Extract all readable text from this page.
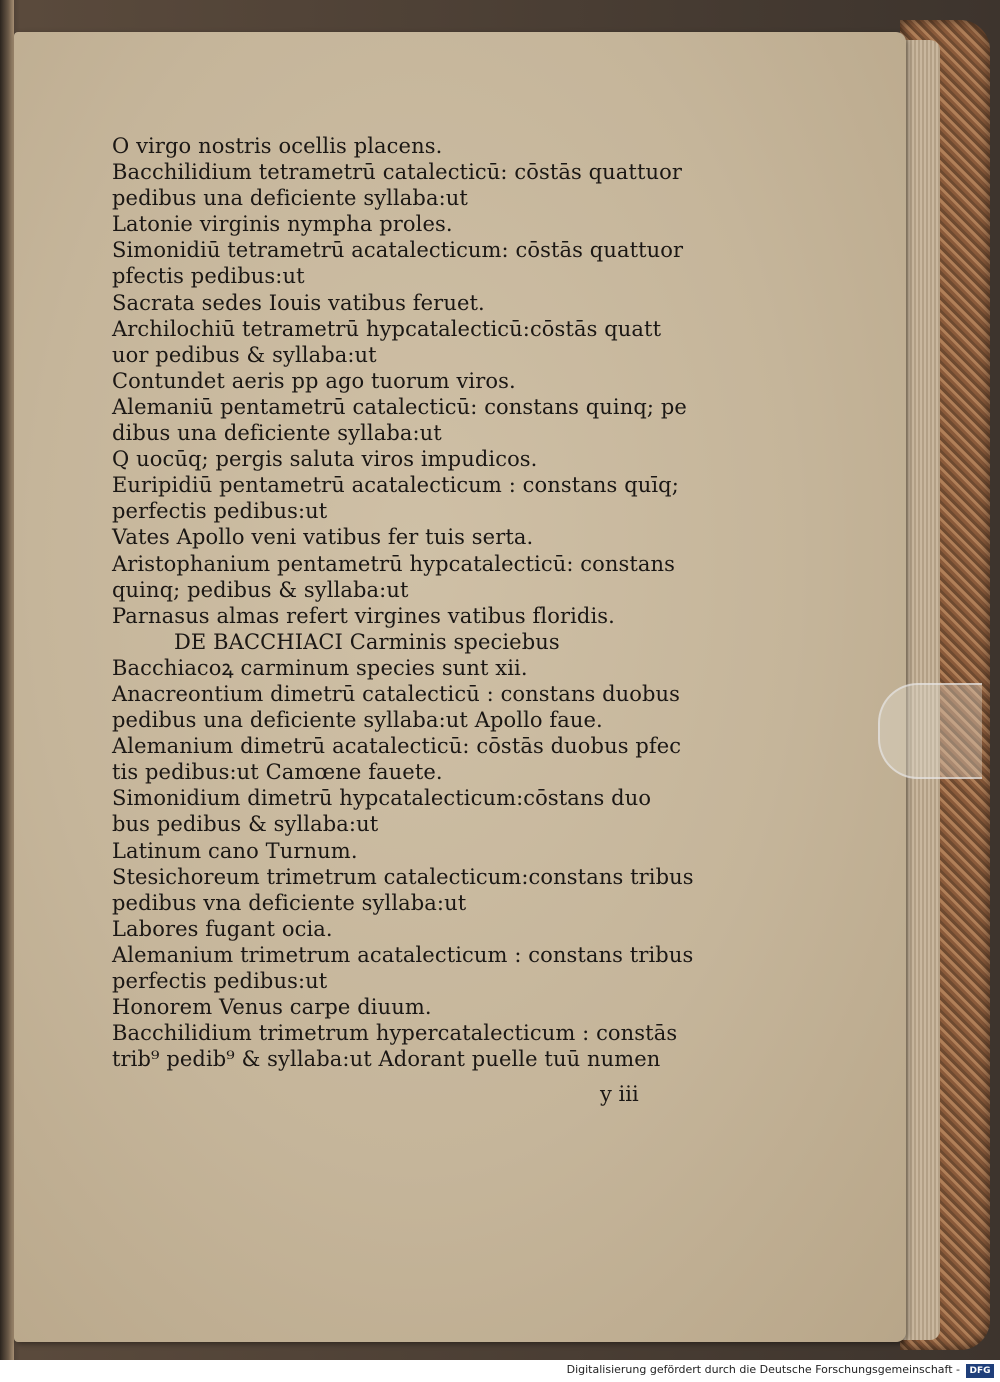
O virgo nostris ocellis placens.
Bacchilidium tetrametrū catalecticū: cōstās quattuor
pedibus una deficiente syllaba:ut
Latonie virginis nympha proles.
Simonidiū tetrametrū acatalecticum: cōstās quattuor
pfectis pedibus:ut
Sacrata sedes Iouis vatibus feruet.
Archilochiū tetrametrū hypcatalecticū:cōstās quatt
uor pedibus & syllaba:ut
Contundet aeris pp ago tuorum viros.
Alemaniū pentametrū catalecticū: constans quinq; pe
dibus una deficiente syllaba:ut
Q uocūq; pergis saluta viros impudicos.
Euripidiū pentametrū acatalecticum : constans quīq;
perfectis pedibus:ut
Vates Apollo veni vatibus fer tuis serta.
Aristophanium pentametrū hypcatalecticū: constans
quinq; pedibus & syllaba:ut
Parnasus almas refert virgines vatibus floridis.
DE BACCHIACI Carminis speciebus
Bacchiacoꝝ carminum species sunt xii.
Anacreontium dimetrū catalecticū : constans duobus
pedibus una deficiente syllaba:ut Apollo faue.
Alemanium dimetrū acatalecticū: cōstās duobus pfec
tis pedibus:ut Camœne fauete.
Simonidium dimetrū hypcatalecticum:cōstans duo
bus pedibus & syllaba:ut
Latinum cano Turnum.
Stesichoreum trimetrum catalecticum:constans tribus
pedibus vna deficiente syllaba:ut
Labores fugant ocia.
Alemanium trimetrum acatalecticum : constans tribus
perfectis pedibus:ut
Honorem Venus carpe diuum.
Bacchilidium trimetrum hypercatalecticum : constās
trib⁹ pedib⁹ & syllaba:ut Adorant puelle tuū numen
y iii
Digitalisierung gefördert durch die Deutsche Forschungsgemeinschaft -	DFG
